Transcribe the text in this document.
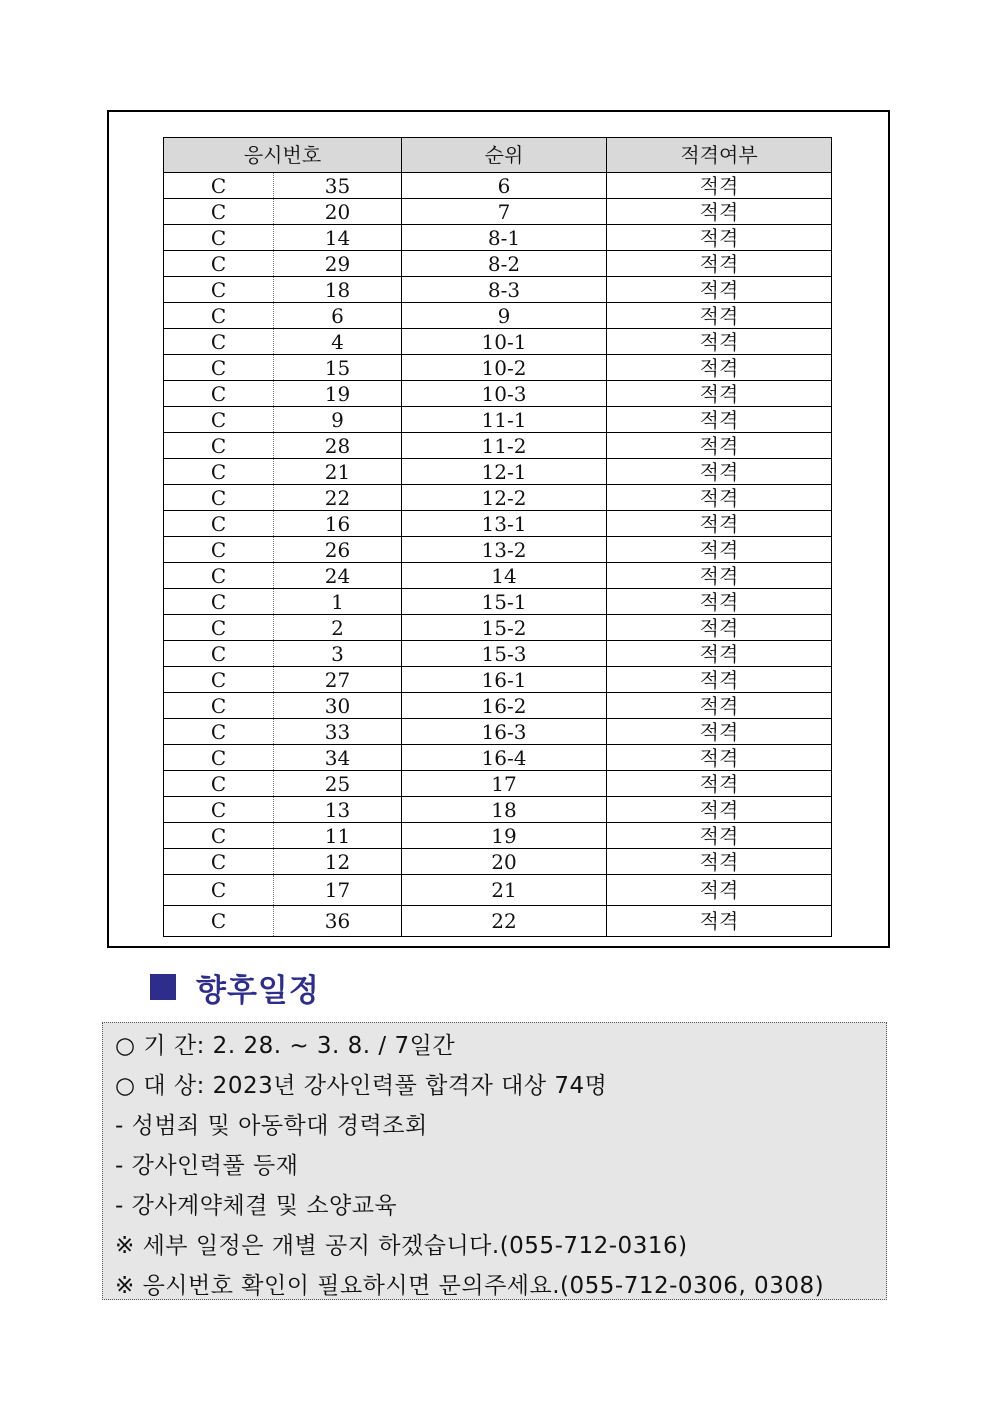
응시번호		순위	적격여부
C	35	6	적격
C	20	7	적격
C	14	8-1	적격
C	29	8-2	적격
C	18	8-3	적격
C	6	9	적격
C	4	10-1	적격
C	15	10-2	적격
C	19	10-3	적격
C	9	11-1	적격
C	28	11-2	적격
C	21	12-1	적격
C	22	12-2	적격
C	16	13-1	적격
C	26	13-2	적격
C	24	14	적격
C	1	15-1	적격
C	2	15-2	적격
C	3	15-3	적격
C	27	16-1	적격
C	30	16-2	적격
C	33	16-3	적격
C	34	16-4	적격
C	25	17	적격
C	13	18	적격
C	11	19	적격
C	12	20	적격
C	17	21	적격
C	36	22	적격
향후일정
○ 기 간: 2. 28. ~ 3. 8. / 7일간
○ 대 상: 2023년 강사인력풀 합격자 대상 74명
- 성범죄 및 아동학대 경력조회
- 강사인력풀 등재
- 강사계약체결 및 소양교육
※ 세부 일정은 개별 공지 하겠습니다.(055-712-0316)
※ 응시번호 확인이 필요하시면 문의주세요.(055-712-0306, 0308)
